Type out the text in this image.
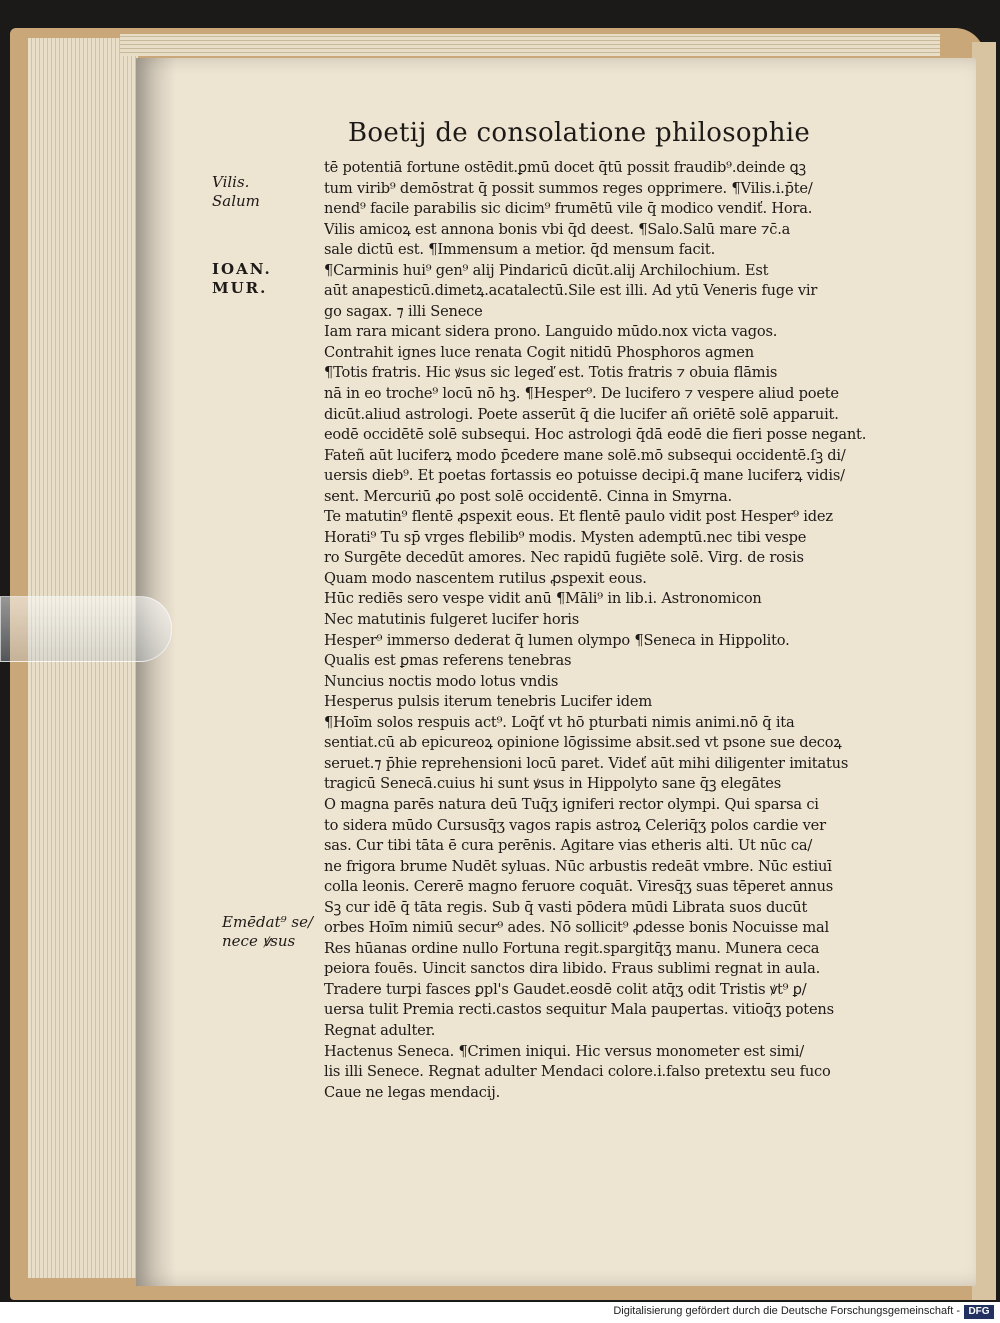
Boetij de consolatione philosophie
Vilis.
Salum
IOAN.
MUR.
Emēdat⁹ se/
nece ꝟsus
tē potentiā fortune ostēdit.ꝑmū docet q̄tū possit fraudib⁹.deinde ꝗꝫ
tum virib⁹ demōstrat q̄ possit summos reges opprimere. ¶Vilis.i.p̄te/
nend⁹ facile parabilis sic dicim⁹ frumētū vile q̄ modico vendiť. Hora.
Vilis amicoꝝ est annona bonis vbi q̄d deest. ¶Salo.Salū mare ⁊c̄.a
sale dictū est. ¶Immensum a metior. q̄d mensum facit.
¶Carminis hui⁹ gen⁹ alij Pindaricū dicūt.alij Archilochium. Est
aūt anapesticū.dimetꝝ.acatalectū.Sile est illi. Ad ytū Veneris fuge vir
go sagax. ⁊ illi Senece
Iam rara micant sidera prono. Languido mūdo.nox victa vagos.
Contrahit ignes luce renata Cogit nitidū Phosphoros agmen
¶Totis fratris. Hic ꝟsus sic legeď est. Totis fratris ⁊ obuia flāmis
nā in eo troche⁹ locū nō hꝫ. ¶Hesper⁹. De lucifero ⁊ vespere aliud poete
dicūt.aliud astrologi. Poete asserūt q̄ die lucifer añ oriētē solē apparuit.
eodē occidētē solē subsequi. Hoc astrologi q̄dā eodē die fieri posse negant.
Fateñ aūt luciferꝝ modo p̄cedere mane solē.mō subsequi occidentē.ſꝫ di/
uersis dieb⁹. Et poetas fortassis eo potuisse decipi.q̄ mane luciferꝝ vidis/
sent. Mercuriū ꝓo post solē occidentē. Cinna in Smyrna.
Te matutin⁹ flentē ꝓspexit eous. Et flentē paulo vidit post Hesper⁹ idez
Horati⁹ Tu sp̄ vrges flebilib⁹ modis. Mysten ademptū.nec tibi vespe
ro Surgēte decedūt amores. Nec rapidū fugiēte solē. Virg. de rosis
Quam modo nascentem rutilus ꝓspexit eous.
Hūc rediēs sero vespe vidit anū ¶Māli⁹ in lib.i. Astronomicon
Nec matutinis fulgeret lucifer horis
Hesper⁹ immerso dederat q̄ lumen olympo ¶Seneca in Hippolito.
Qualis est ꝑmas referens tenebras
Nuncius noctis modo lotus vndis
Hesperus pulsis iterum tenebris Lucifer idem
¶Hoīm solos respuis act⁹. Loq̄ť vt hō pturbati nimis animi.nō q̄ ita
sentiat.cū ab epicureoꝝ opinione lōgissime absit.sed vt psone sue decoꝝ
seruet.⁊ p̄hie reprehensioni locū paret. Videť aūt mihi diligenter imitatus
tragicū Senecā.cuius hi sunt ꝟsus in Hippolyto sane q̄ꝫ elegātes
O magna parēs natura deū Tuq̄ʒ igniferi rector olympi. Qui sparsa ci
to sidera mūdo Cursusq̄ʒ vagos rapis astroꝝ Celeriq̄ʒ polos cardie ver
sas. Cur tibi tāta ē cura perēnis. Agitare vias etheris alti. Ut nūc ca/
ne frigora brume Nudēt syluas. Nūc arbustis redeāt vmbre. Nūc estiuī
colla leonis. Cererē magno feruore coquāt. Viresq̄ʒ suas tēperet annus
Sꝫ cur idē q̄ tāta regis. Sub q̄ vasti pōdera mūdi Librata suos ducūt
orbes Hoīm nimiū secur⁹ ades. Nō sollicit⁹ ꝓdesse bonis Nocuisse mal
Res hūanas ordine nullo Fortuna regit.spargitq̄ʒ manu. Munera ceca
peiora fouēs. Uincit sanctos dira libido. Fraus sublimi regnat in aula.
Tradere turpi fasces ꝑpl's Gaudet.eosdē colit atq̄ʒ odit Tristis ꝟt⁹ ꝑ/
uersa tulit Premia recti.castos sequitur Mala paupertas. vitioq̄ʒ potens
Regnat adulter.
Hactenus Seneca. ¶Crimen iniqui. Hic versus monometer est simi/
lis illi Senece. Regnat adulter Mendaci colore.i.falso pretextu seu fuco
Caue ne legas mendacij.
Digitalisierung gefördert durch die Deutsche Forschungsgemeinschaft - DFG
